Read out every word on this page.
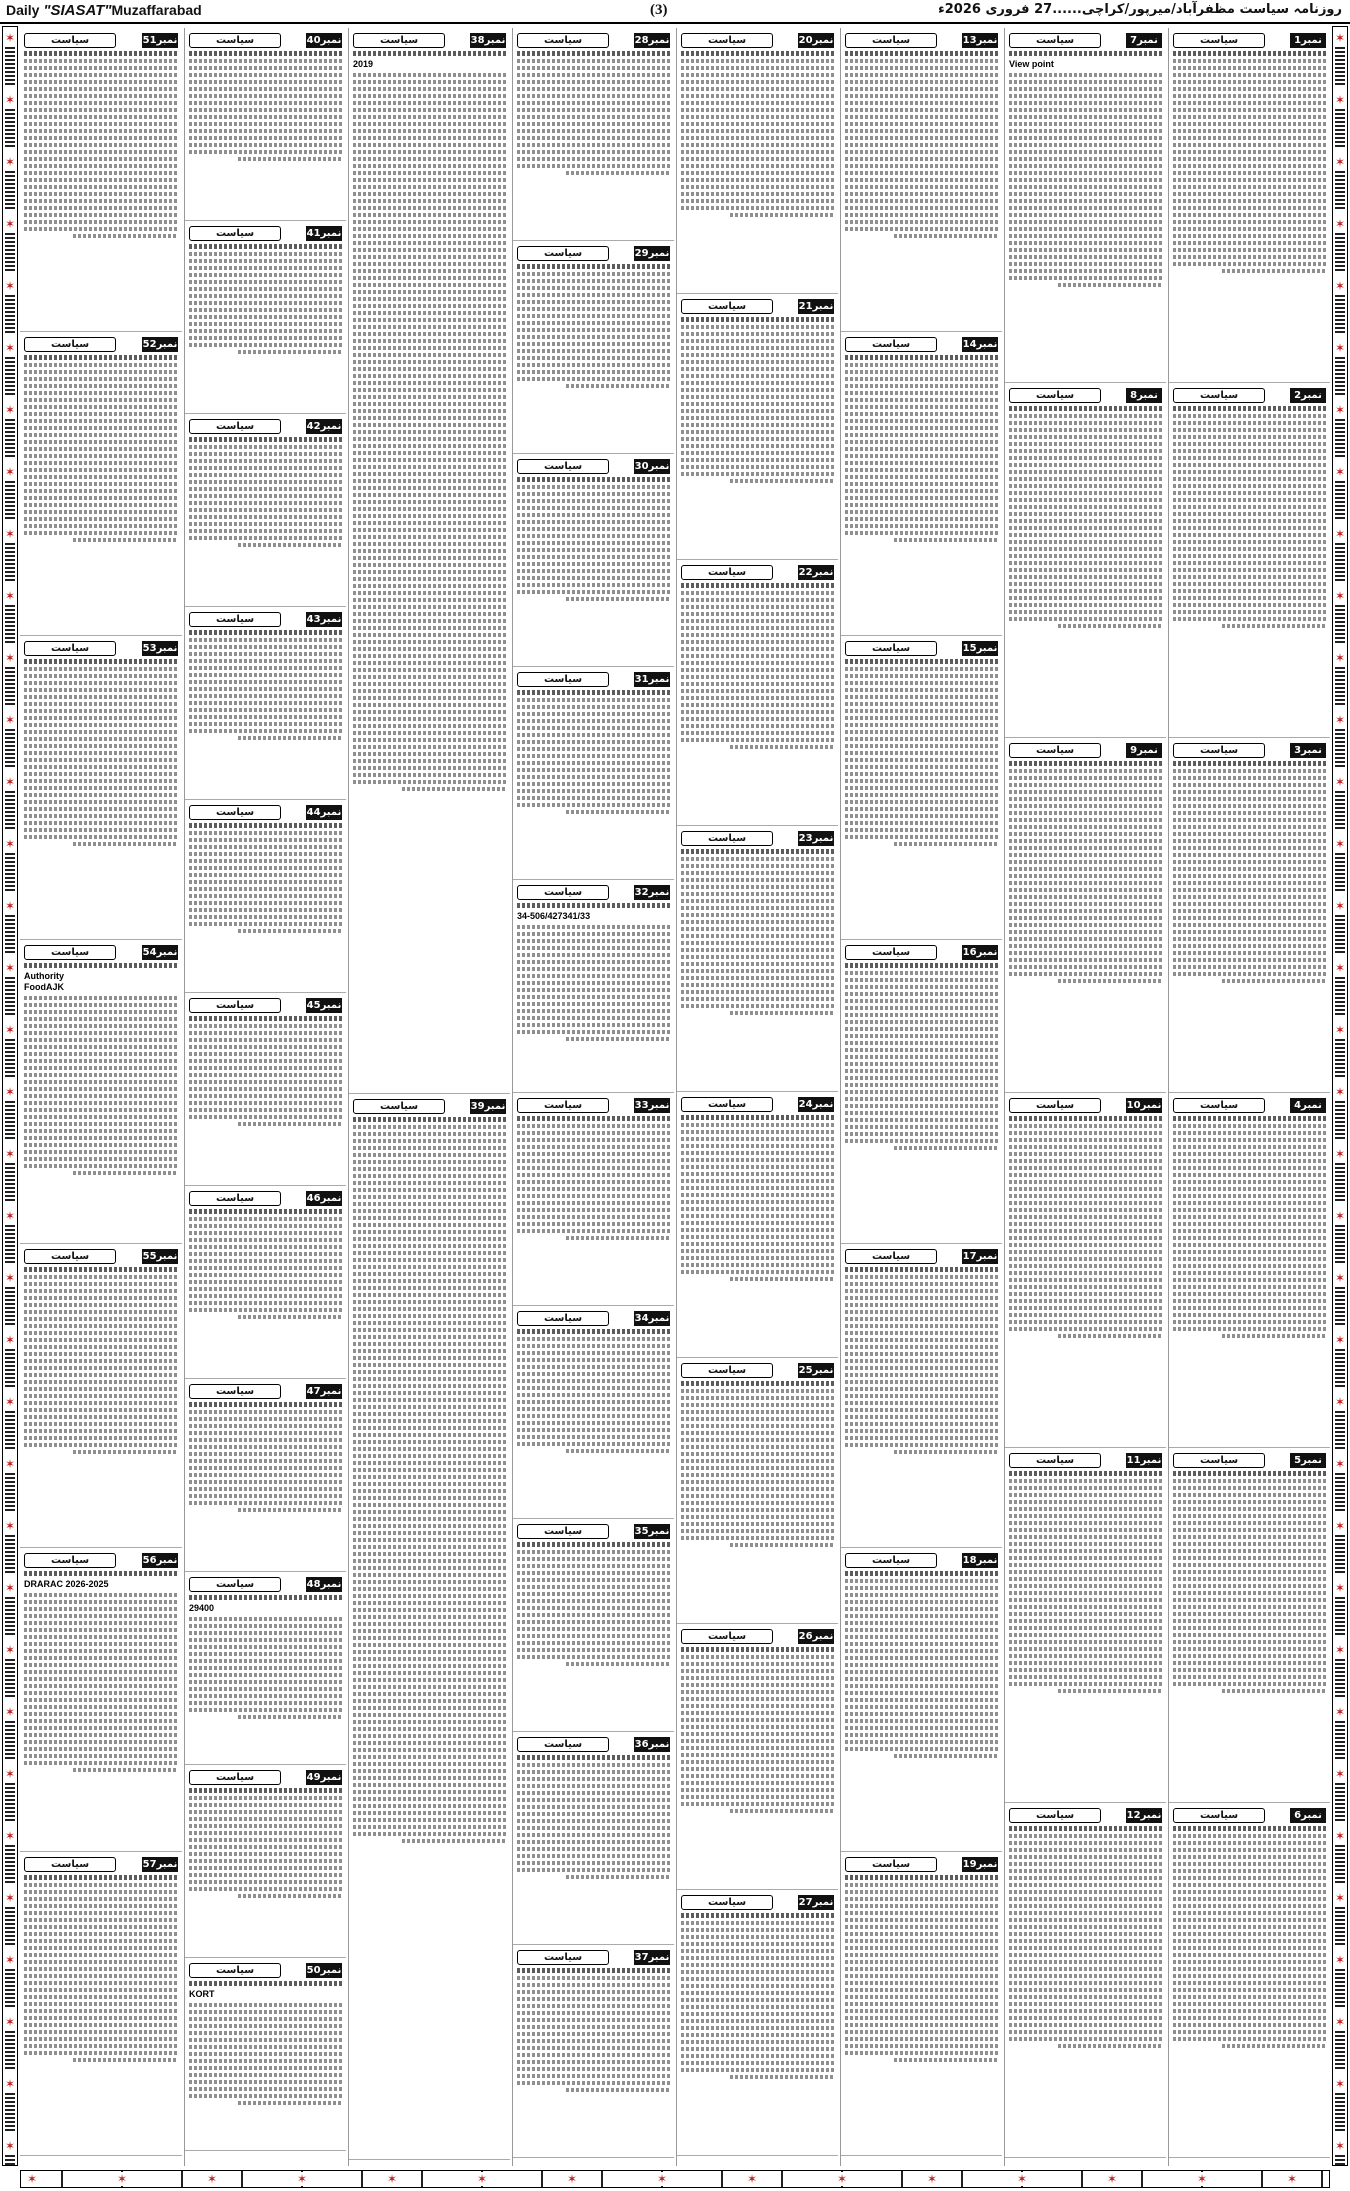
Daily "SIASAT"Muzaffarabad	(3)	روزنامہ سیاست مظفرآباد/میرپور/کراچی......27 فروری 2026ء
✶
✶
✶
✶
✶
✶
✶
✶
✶
✶
✶
✶
✶
✶
✶
✶
✶
✶
✶
✶
✶
✶
✶
✶
✶
✶
✶
✶
✶
✶
✶
✶
✶
✶
✶
✶
✶
✶
✶
✶
✶
✶
✶
✶
✶
✶
✶
✶
✶
✶
✶
✶
✶
✶
✶
✶
✶
✶
✶
✶
✶
✶
✶
✶
✶
✶
✶
✶
✶
✶
✶	✶	✶	✶	✶	✶	✶	✶	✶	✶	✶	✶	✶	✶	✶
نمبر51
سیاست
نمبر52
سیاست
نمبر53
سیاست
نمبر54
سیاست
Authority
FoodAJK
نمبر55
سیاست
نمبر56
سیاست
DRARAC 2026-2025
نمبر57
سیاست
نمبر40
سیاست
نمبر41
سیاست
نمبر42
سیاست
نمبر43
سیاست
نمبر44
سیاست
نمبر45
سیاست
نمبر46
سیاست
نمبر47
سیاست
نمبر48
سیاست
29400
نمبر49
سیاست
نمبر50
سیاست
KORT
نمبر38
سیاست
2019
نمبر39
سیاست
نمبر28
سیاست
نمبر29
سیاست
نمبر30
سیاست
نمبر31
سیاست
نمبر32
سیاست
34-506/427341/33
نمبر33
سیاست
نمبر34
سیاست
نمبر35
سیاست
نمبر36
سیاست
نمبر37
سیاست
نمبر20
سیاست
نمبر21
سیاست
نمبر22
سیاست
نمبر23
سیاست
نمبر24
سیاست
نمبر25
سیاست
نمبر26
سیاست
نمبر27
سیاست
نمبر13
سیاست
نمبر14
سیاست
نمبر15
سیاست
نمبر16
سیاست
نمبر17
سیاست
نمبر18
سیاست
نمبر19
سیاست
نمبر7
سیاست
View point
نمبر8
سیاست
نمبر9
سیاست
نمبر10
سیاست
نمبر11
سیاست
نمبر12
سیاست
نمبر1
سیاست
نمبر2
سیاست
نمبر3
سیاست
نمبر4
سیاست
نمبر5
سیاست
نمبر6
سیاست
